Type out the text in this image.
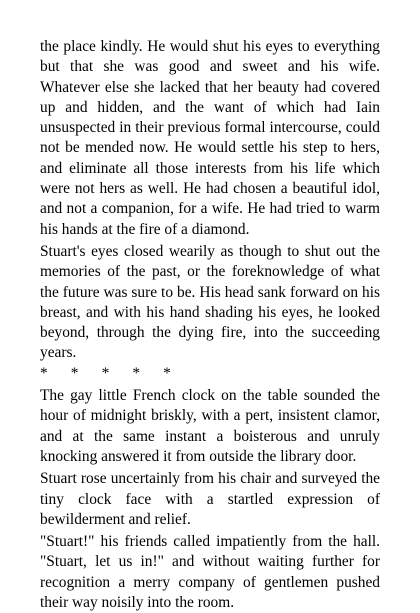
the place kindly. He would shut his eyes to everything but that she was good and sweet and his wife. Whatever else she lacked that her beauty had covered up and hidden, and the want of which had Iain unsuspected in their previous formal intercourse, could not be mended now. He would settle his step to hers, and eliminate all those interests from his life which were not hers as well. He had chosen a beautiful idol, and not a companion, for a wife. He had tried to warm his hands at the fire of a diamond.

Stuart's eyes closed wearily as though to shut out the memories of the past, or the foreknowledge of what the future was sure to be. His head sank forward on his breast, and with his hand shading his eyes, he looked beyond, through the dying fire, into the succeeding years.

*      *      *      *      *

The gay little French clock on the table sounded the hour of midnight briskly, with a pert, insistent clamor, and at the same instant a boisterous and unruly knocking answered it from outside the library door.

Stuart rose uncertainly from his chair and surveyed the tiny clock face with a startled expression of bewilderment and relief.

"Stuart!" his friends called impatiently from the hall. "Stuart, let us in!" and without waiting further for recognition a merry company of gentlemen pushed their way noisily into the room.
